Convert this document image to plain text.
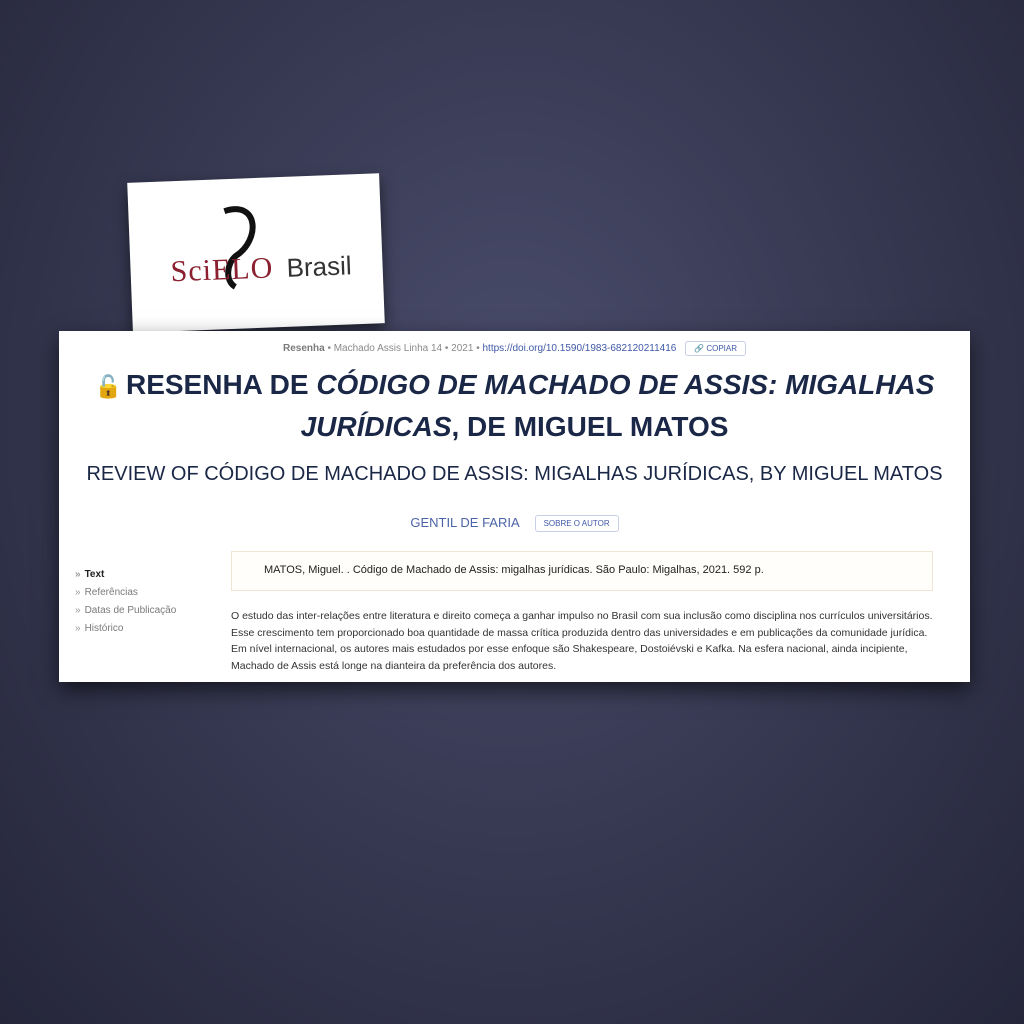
SciELO Brasil
Resenha • Machado Assis Linha 14 • 2021 • https://doi.org/10.1590/1983-682120211416 🔗 COPIAR
🔓 RESENHA DE CÓDIGO DE MACHADO DE ASSIS: MIGALHAS JURÍDICAS, DE MIGUEL MATOS
REVIEW OF CÓDIGO DE MACHADO DE ASSIS: MIGALHAS JURÍDICAS, BY MIGUEL MATOS
GENTIL DE FARIA	SOBRE O AUTOR
» Text
» Referências
» Datas de Publicação
» Histórico
MATOS, Miguel. . Código de Machado de Assis: migalhas jurídicas. São Paulo: Migalhas, 2021. 592 p.
O estudo das inter-relações entre literatura e direito começa a ganhar impulso no Brasil com sua inclusão como disciplina nos currículos universitários. Esse crescimento tem proporcionado boa quantidade de massa crítica produzida dentro das universidades e em publicações da comunidade jurídica. Em nível internacional, os autores mais estudados por esse enfoque são Shakespeare, Dostoiévski e Kafka. Na esfera nacional, ainda incipiente, Machado de Assis está longe na dianteira da preferência dos autores.
